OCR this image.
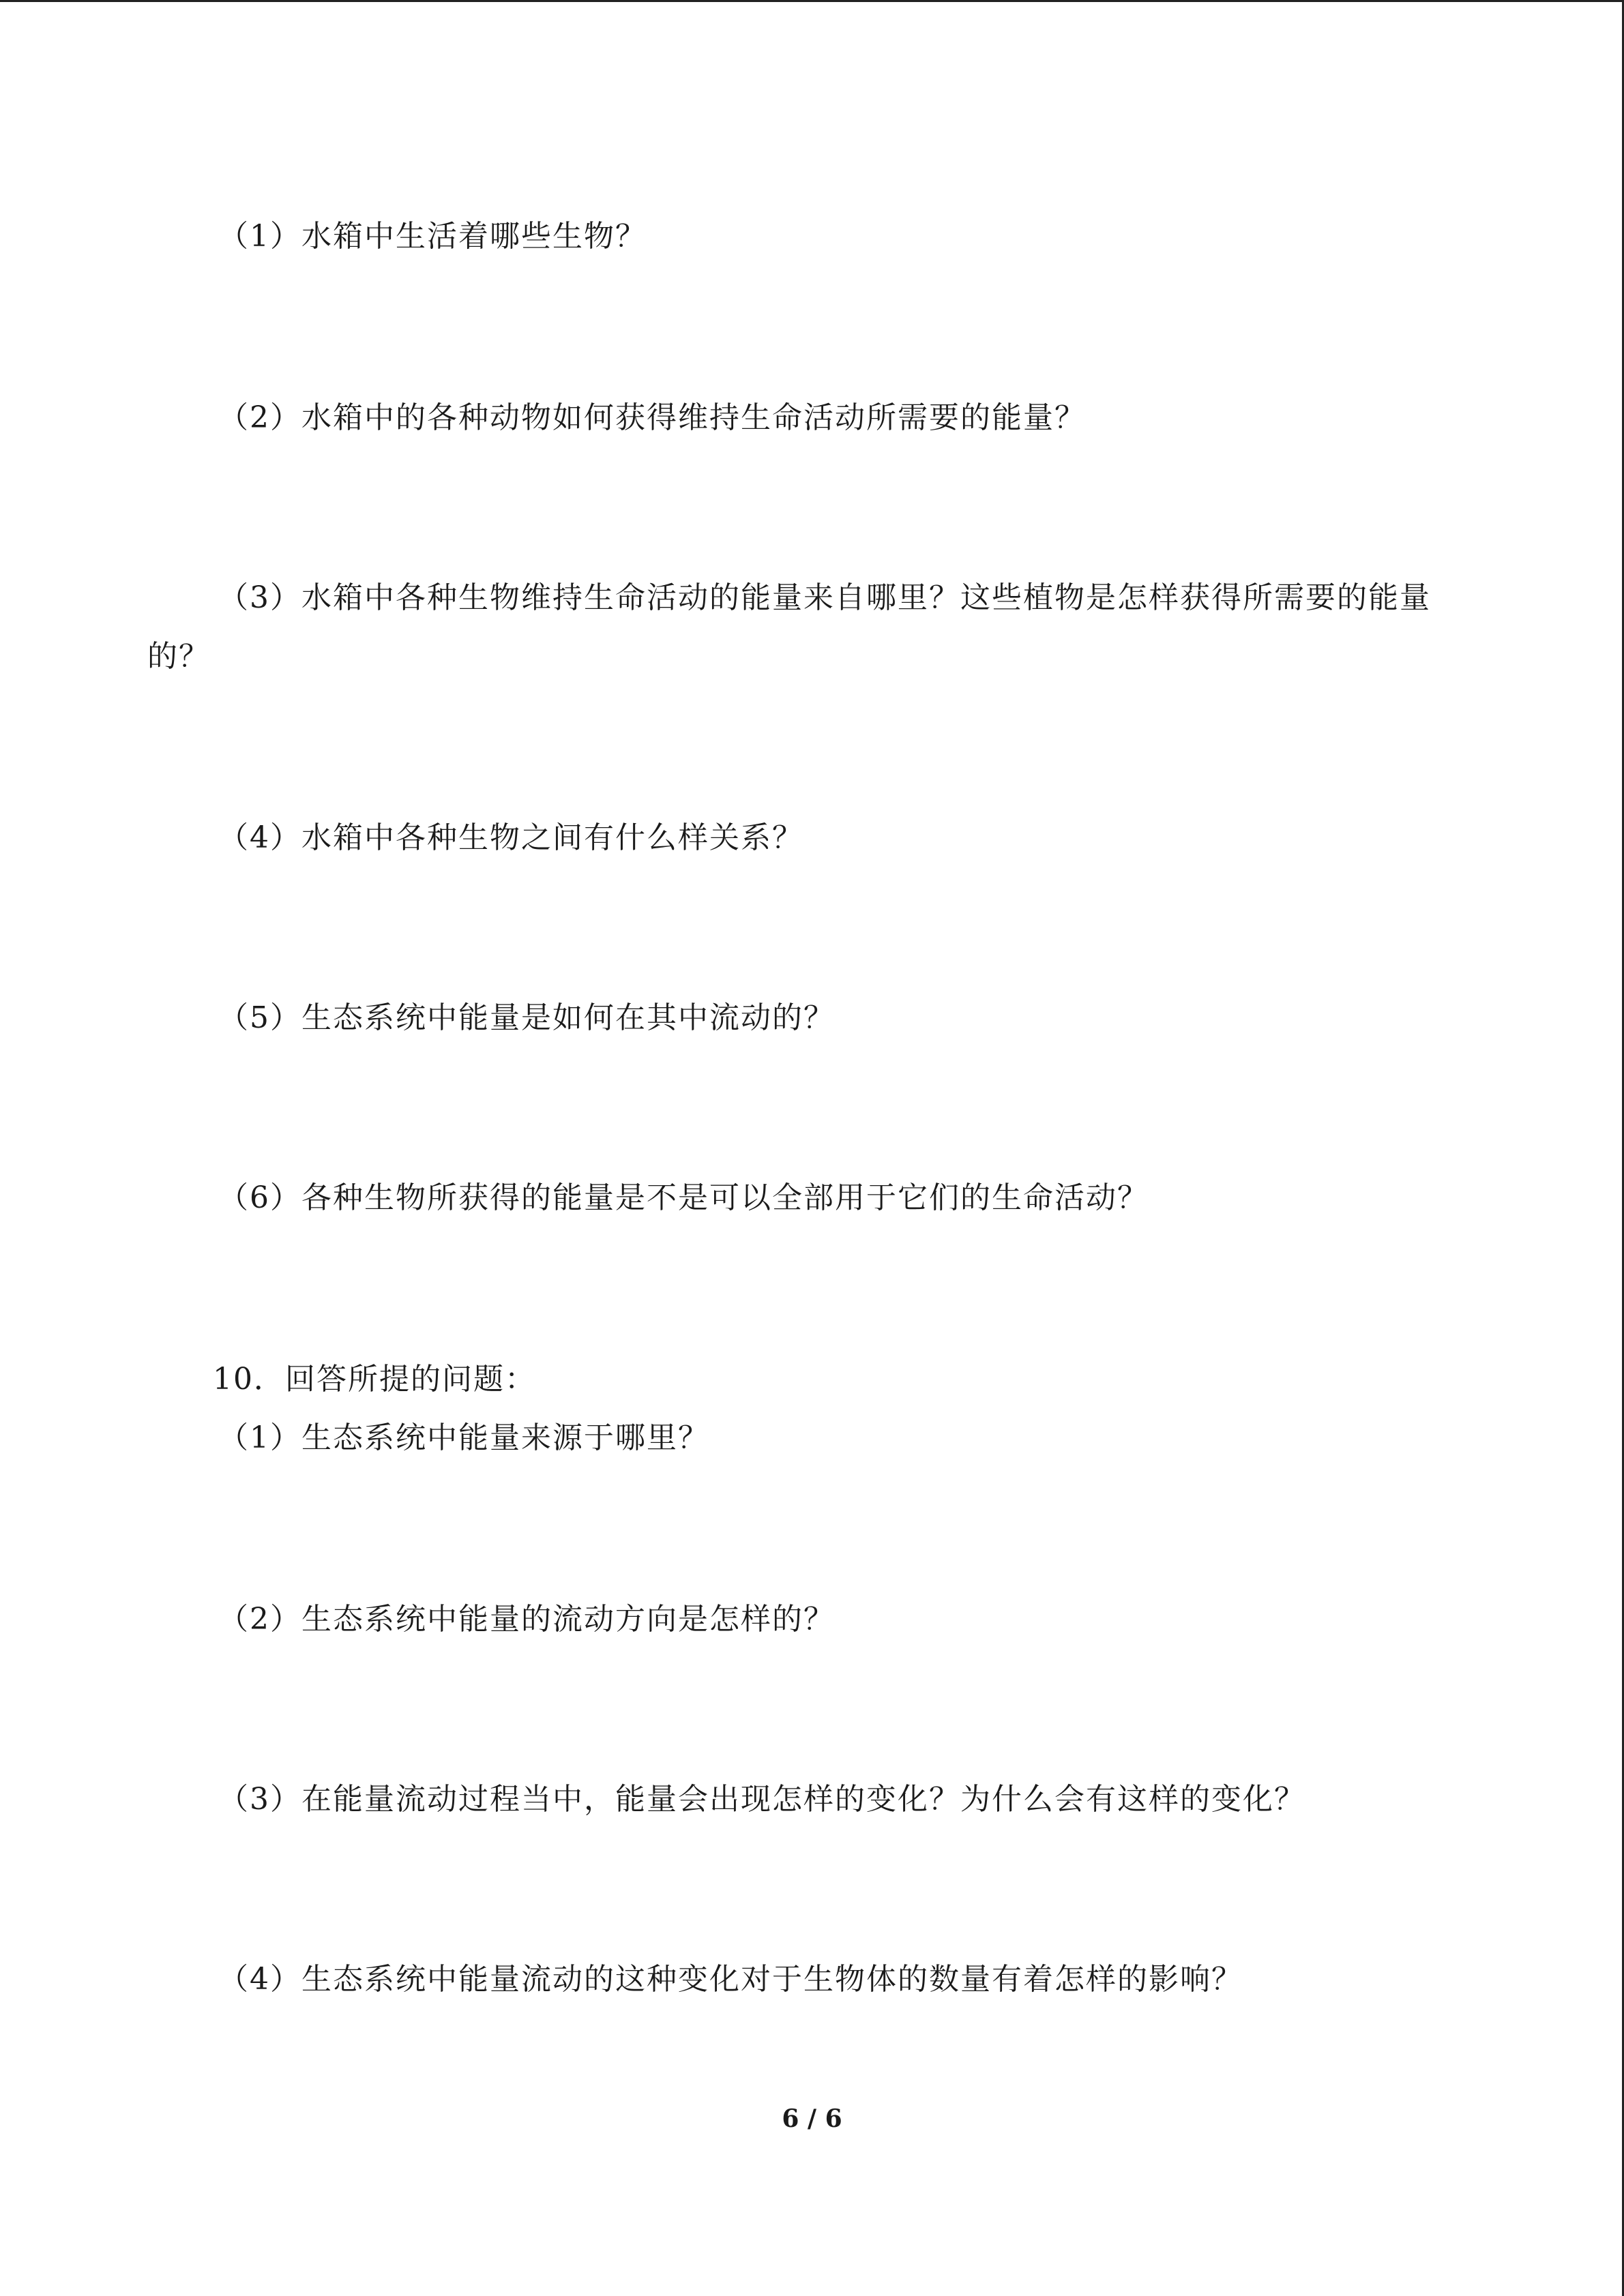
（1）水箱中生活着哪些生物？
（2）水箱中的各种动物如何获得维持生命活动所需要的能量？
（3）水箱中各种生物维持生命活动的能量来自哪里？这些植物是怎样获得所需要的能量
的？
（4）水箱中各种生物之间有什么样关系？
（5）生态系统中能量是如何在其中流动的？
（6）各种生物所获得的能量是不是可以全部用于它们的生命活动？
10．回答所提的问题：
（1）生态系统中能量来源于哪里？
（2）生态系统中能量的流动方向是怎样的？
（3）在能量流动过程当中，能量会出现怎样的变化？为什么会有这样的变化？
（4）生态系统中能量流动的这种变化对于生物体的数量有着怎样的影响？
6 / 6
